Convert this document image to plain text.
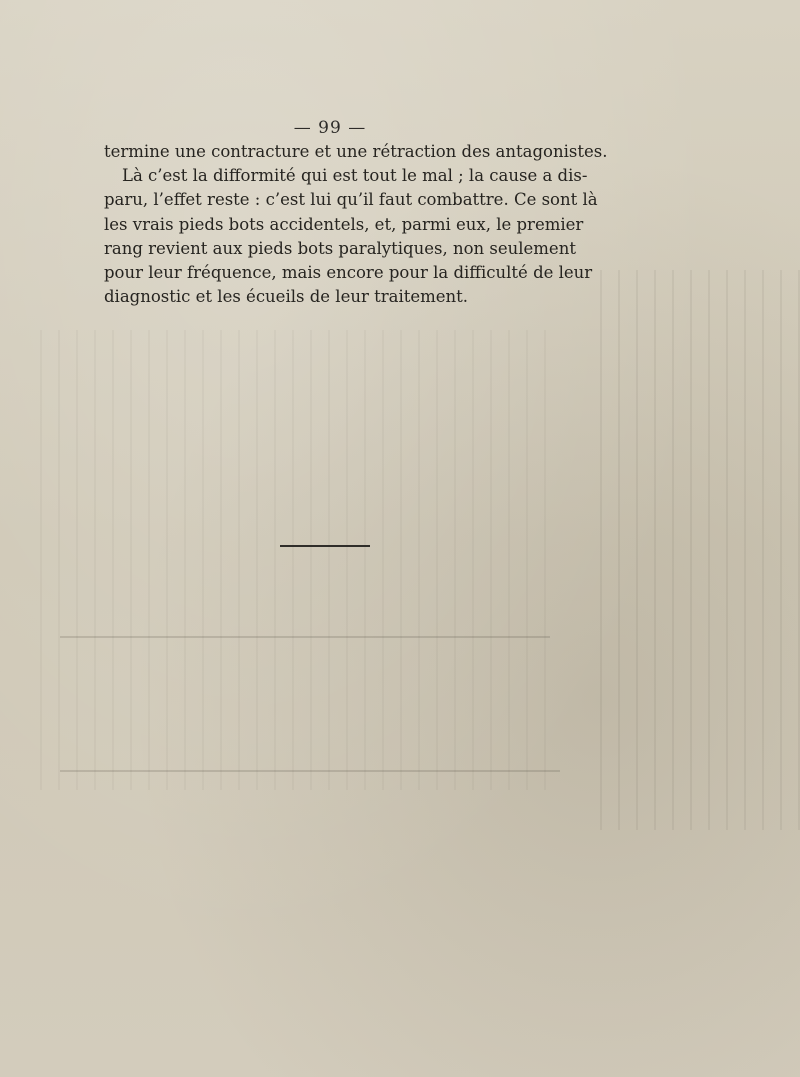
— 99 —
termine une contracture et une rétraction des antagonistes.
Là c’est la difformité qui est tout le mal ; la cause a dis-
paru, l’effet reste : c’est lui qu’il faut combattre. Ce sont là
les vrais pieds bots accidentels, et, parmi eux, le premier
rang revient aux pieds bots paralytiques, non seulement
pour leur fréquence, mais encore pour la difficulté de leur
diagnostic et les écueils de leur traitement.
